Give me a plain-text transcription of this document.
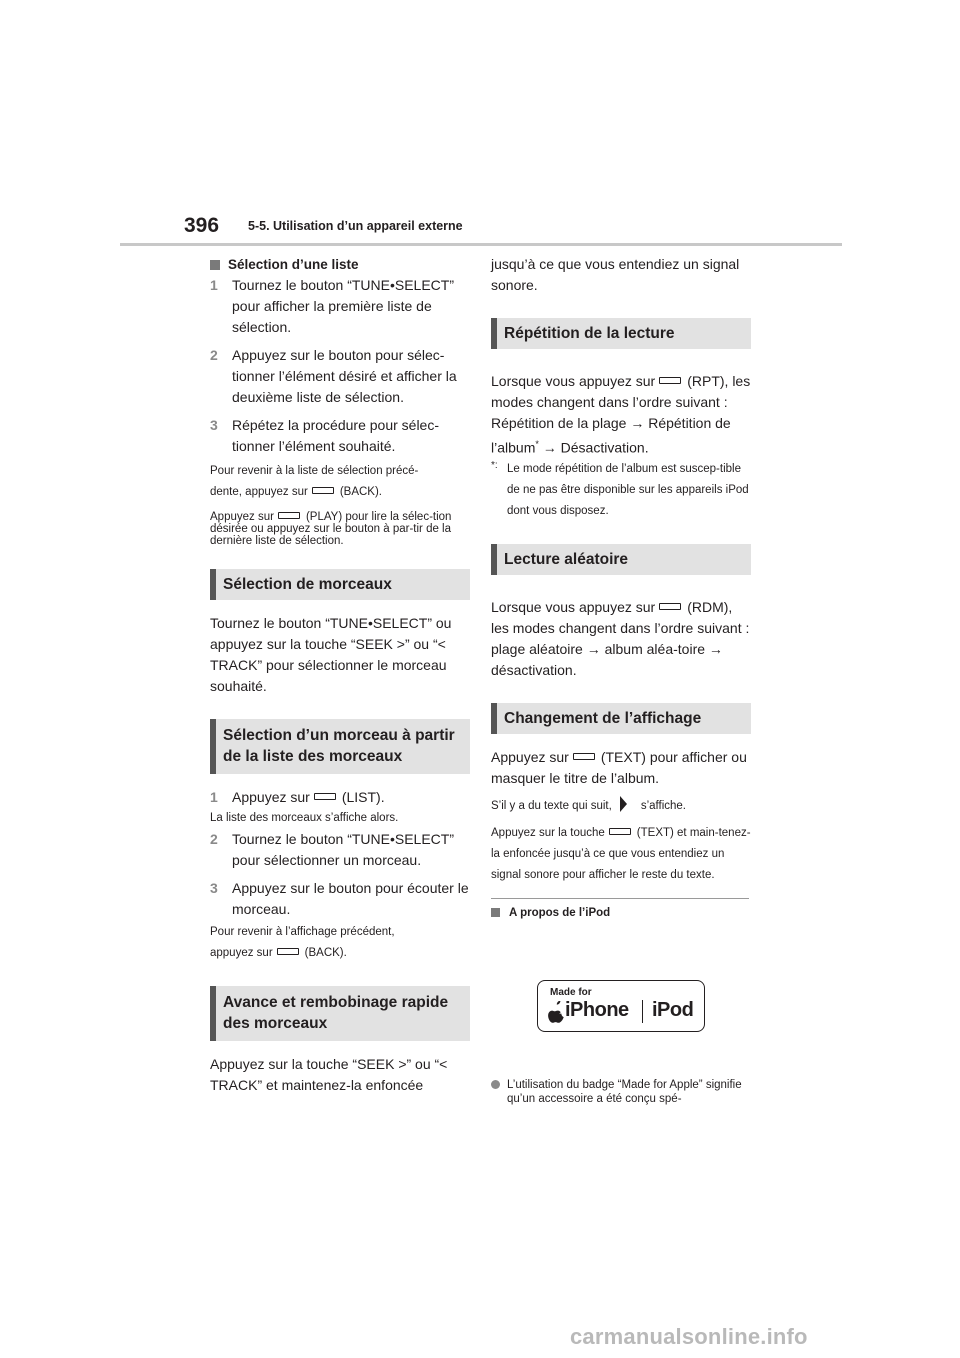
396 5-5. Utilisation d’un appareil externe
Sélection d’une liste

1 Tournez le bouton “TUNE•SELECT” pour afficher la première liste de sélection.

2 Appuyez sur le bouton pour sélec-tionner l’élément désiré et afficher la deuxième liste de sélection.

3 Répétez la procédure pour sélec-tionner l’élément souhaité.

Pour revenir à la liste de sélection précé-
dente, appuyez sur	(BACK).

Appuyez sur	(PLAY) pour lire la sélec-tion désirée ou appuyez sur le bouton à par-tir de la dernière liste de sélection.

Sélection de morceaux

Tournez le bouton “TUNE•SELECT” ou appuyez sur la touche “SEEK >” ou “< TRACK” pour sélectionner le morceau souhaité.

Sélection d’un morceau à partir de la liste des morceaux

1 Appuyez sur (LIST).

La liste des morceaux s’affiche alors.

2 Tournez le bouton “TUNE•SELECT” pour sélectionner un morceau.

3 Appuyez sur le bouton pour écouter le morceau.

Pour revenir à l’affichage précédent,
appuyez sur	(BACK).

Avance et rembobinage rapide des morceaux

Appuyez sur la touche “SEEK >” ou “< TRACK” et maintenez-la enfoncée

jusqu’à ce que vous entendiez un signal sonore.

Répétition de la lecture

Lorsque vous appuyez sur (RPT), les modes changent dans l’ordre suivant : Répétition de la plage → Répétition de l’album* → Désactivation.

*: Le mode répétition de l’album est suscep-tible de ne pas être disponible sur les appareils iPod dont vous disposez.

Lecture aléatoire

Lorsque vous appuyez sur (RDM), les modes changent dans l’ordre suivant : plage aléatoire → album aléa-toire → désactivation.

Changement de l’affichage

Appuyez sur (TEXT) pour afficher ou masquer le titre de l’album.

S’il y a du texte qui suit,	s’affiche.

Appuyez sur la touche	(TEXT) et main-tenez-la enfoncée jusqu’à ce que vous entendiez un signal sonore pour afficher le reste du texte.

A propos de l’iPod
Made for
iPhone iPod

L’utilisation du badge “Made for Apple” signifie qu’un accessoire a été conçu spé-

carmanualsonline.info
